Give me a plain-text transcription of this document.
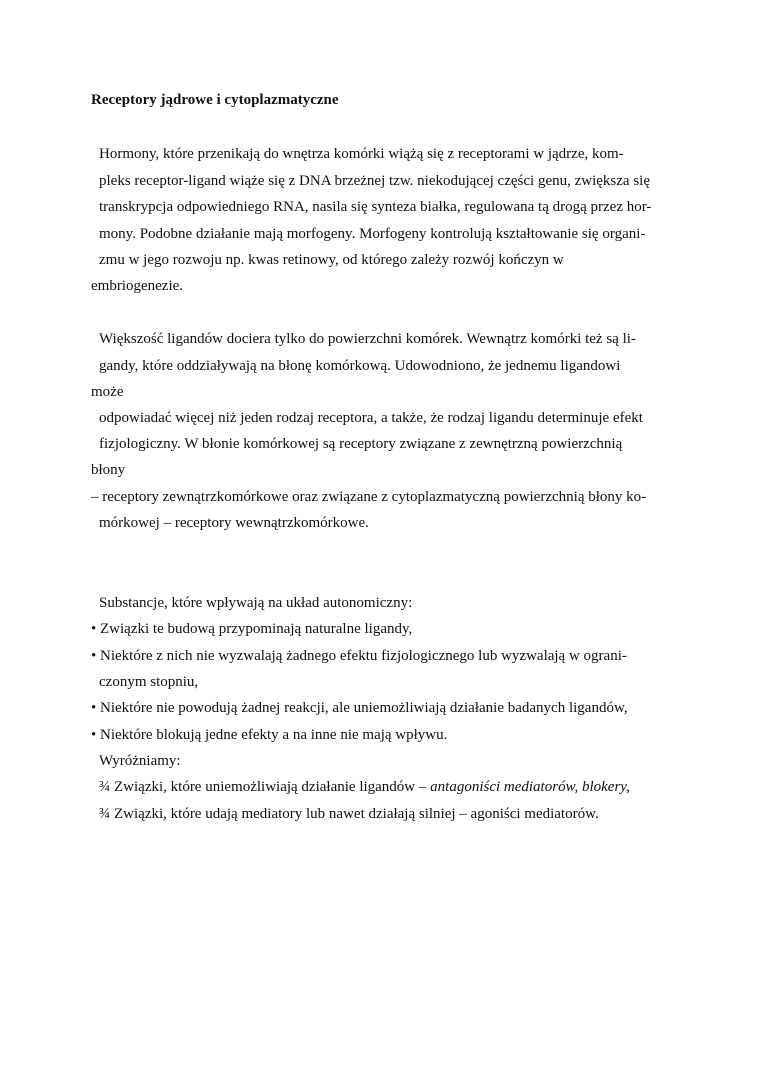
Receptory jądrowe i cytoplazmatyczne
Hormony, które przenikają do wnętrza komórki wiążą się z receptorami w jądrze, kom-
pleks receptor-ligand wiąże się z DNA brzeżnej tzw. niekodującej części genu, zwiększa się
transkrypcja odpowiedniego RNA, nasila się synteza białka, regulowana tą drogą przez hor-
mony. Podobne działanie mają morfogeny. Morfogeny kontrolują kształtowanie się organi-
zmu w jego rozwoju np. kwas retinowy, od którego zależy rozwój kończyn w
embriogenezie.
Większość ligandów dociera tylko do powierzchni komórek. Wewnątrz komórki też są li-
gandy, które oddziaływają na błonę komórkową. Udowodniono, że jednemu ligandowi
może
odpowiadać więcej niż jeden rodzaj receptora, a także, że rodzaj ligandu determinuje efekt
fizjologiczny. W błonie komórkowej są receptory związane z zewnętrzną powierzchnią
błony
– receptory zewnątrzkomórkowe oraz związane z cytoplazmatyczną powierzchnią błony ko-
mórkowej – receptory wewnątrzkomórkowe.
Substancje, które wpływają na układ autonomiczny:
• Związki te budową przypominają naturalne ligandy,
• Niektóre z nich nie wyzwalają żadnego efektu fizjologicznego lub wyzwalają w ograni-
czonym stopniu,
• Niektóre nie powodują żadnej reakcji, ale uniemożliwiają działanie badanych ligandów,
• Niektóre blokują jedne efekty a na inne nie mają wpływu.
Wyróżniamy:
¾ Związki, które uniemożliwiają działanie ligandów – antagoniści mediatorów, blokery,
¾ Związki, które udają mediatory lub nawet działają silniej – agoniści mediatorów.
